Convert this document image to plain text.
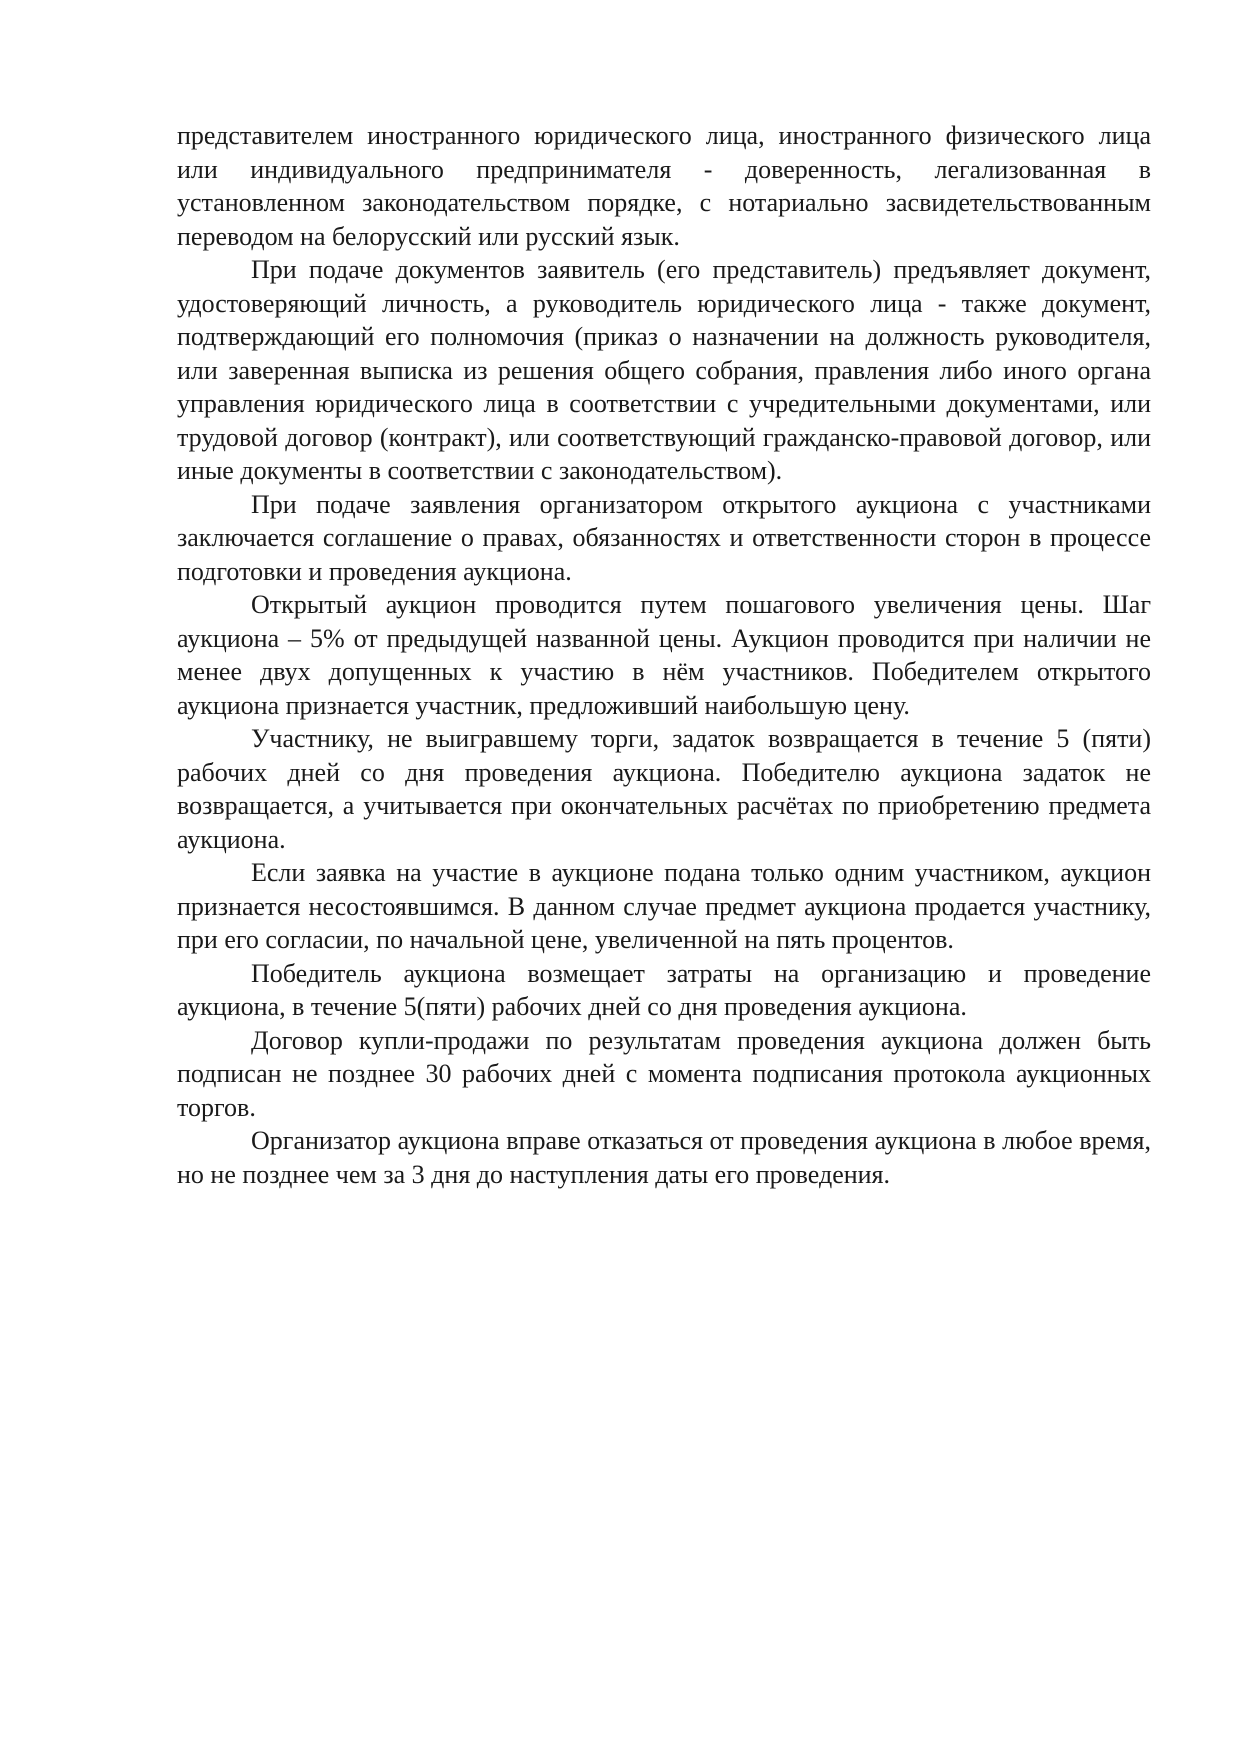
представителем иностранного юридического лица, иностранного физического лица или индивидуального предпринимателя - доверенность, легализованная в установленном законодательством порядке, с нотариально засвидетельствованным переводом на белорусский или русский язык.

При подаче документов заявитель (его представитель) предъявляет документ, удостоверяющий личность, а руководитель юридического лица - также документ, подтверждающий его полномочия (приказ о назначении на должность руководителя, или заверенная выписка из решения общего собрания, правления либо иного органа управления юридического лица в соответствии с учредительными документами, или трудовой договор (контракт), или соответствующий гражданско-правовой договор, или иные документы в соответствии с законодательством).

При подаче заявления организатором открытого аукциона с участниками заключается соглашение о правах, обязанностях и ответственности сторон в процессе подготовки и проведения аукциона.

Открытый аукцион проводится путем пошагового увеличения цены. Шаг аукциона – 5% от предыдущей названной цены. Аукцион проводится при наличии не менее двух допущенных к участию в нём участников. Победителем открытого аукциона признается участник, предложивший наибольшую цену.

Участнику, не выигравшему торги, задаток возвращается в течение 5 (пяти) рабочих дней со дня проведения аукциона. Победителю аукциона задаток не возвращается, а учитывается при окончательных расчётах по приобретению предмета аукциона.

Если заявка на участие в аукционе подана только одним участником, аукцион признается несостоявшимся. В данном случае предмет аукциона продается участнику, при его согласии, по начальной цене, увеличенной на пять процентов.

Победитель аукциона возмещает затраты на организацию и проведение аукциона, в течение 5(пяти) рабочих дней со дня проведения аукциона.

Договор купли-продажи по результатам проведения аукциона должен быть подписан не позднее 30 рабочих дней с момента подписания протокола аукционных торгов.

Организатор аукциона вправе отказаться от проведения аукциона в любое время, но не позднее чем за 3 дня до наступления даты его проведения.
